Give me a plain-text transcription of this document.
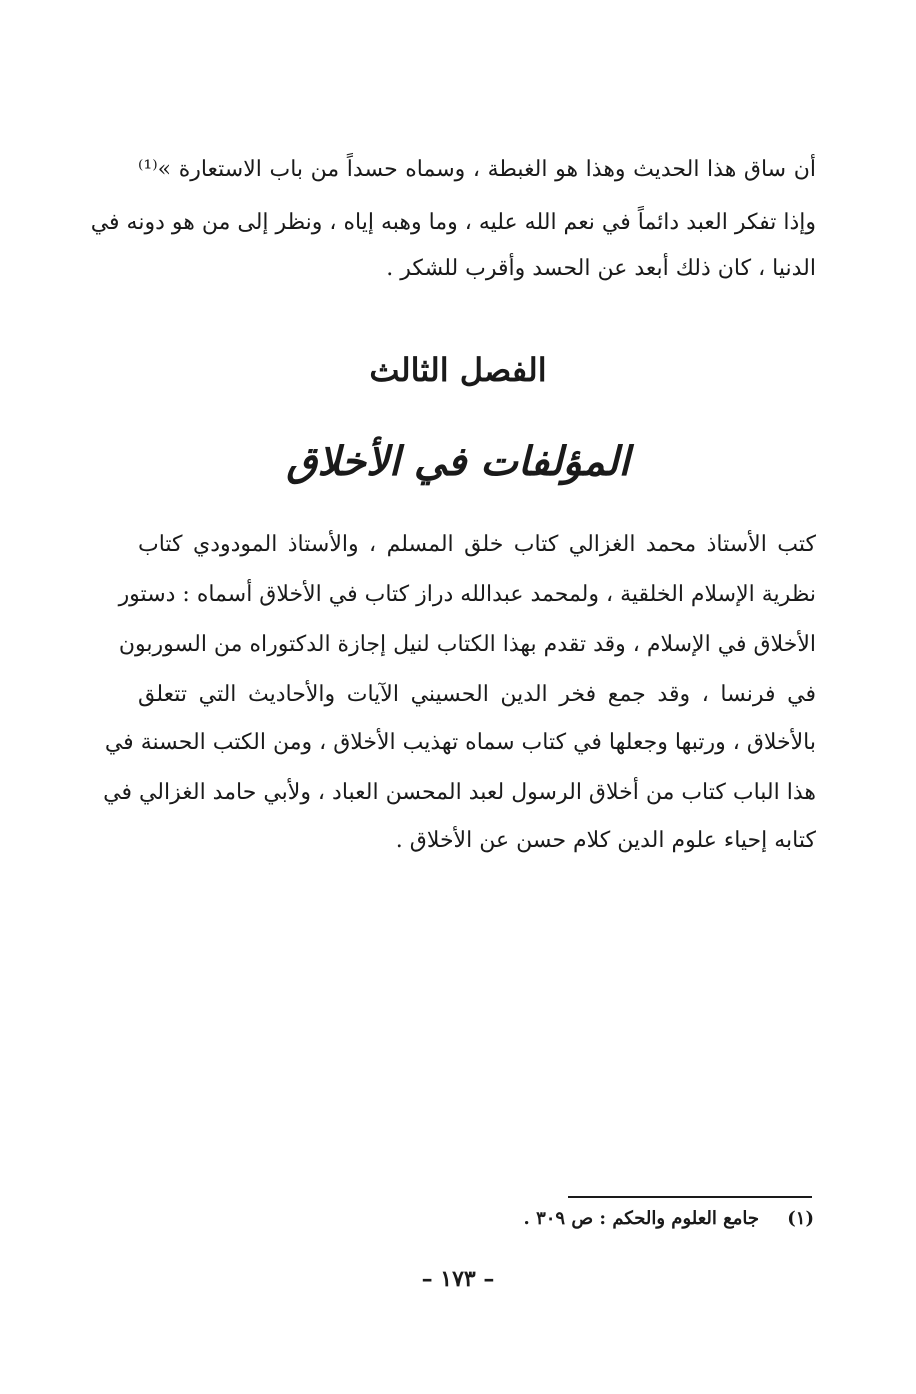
أن ساق هذا الحديث وهذا هو الغبطة ، وسماه حسداً من باب الاستعارة »⁽¹⁾
وإذا تفكر العبد دائماً في نعم الله عليه ، وما وهبه إياه ، ونظر إلى من هو دونه في
الدنيا ، كان ذلك أبعد عن الحسد وأقرب للشكر .
الفصل الثالث
المؤلفات في الأخلاق
كتب الأستاذ محمد الغزالي كتاب خلق المسلم ، والأستاذ المودودي كتاب
نظرية الإسلام الخلقية ، ولمحمد عبدالله دراز كتاب في الأخلاق أسماه : دستور
الأخلاق في الإسلام ، وقد تقدم بهذا الكتاب لنيل إجازة الدكتوراه من السوربون
في فرنسا ، وقد جمع فخر الدين الحسيني الآيات والأحاديث التي تتعلق
بالأخلاق ، ورتبها وجعلها في كتاب سماه تهذيب الأخلاق ، ومن الكتب الحسنة في
هذا الباب كتاب من أخلاق الرسول لعبد المحسن العباد ، ولأبي حامد الغزالي في
كتابه إحياء علوم الدين كلام حسن عن الأخلاق .
(١) جامع العلوم والحكم : ص ٣٠٩ .
– ١٧٣ –
